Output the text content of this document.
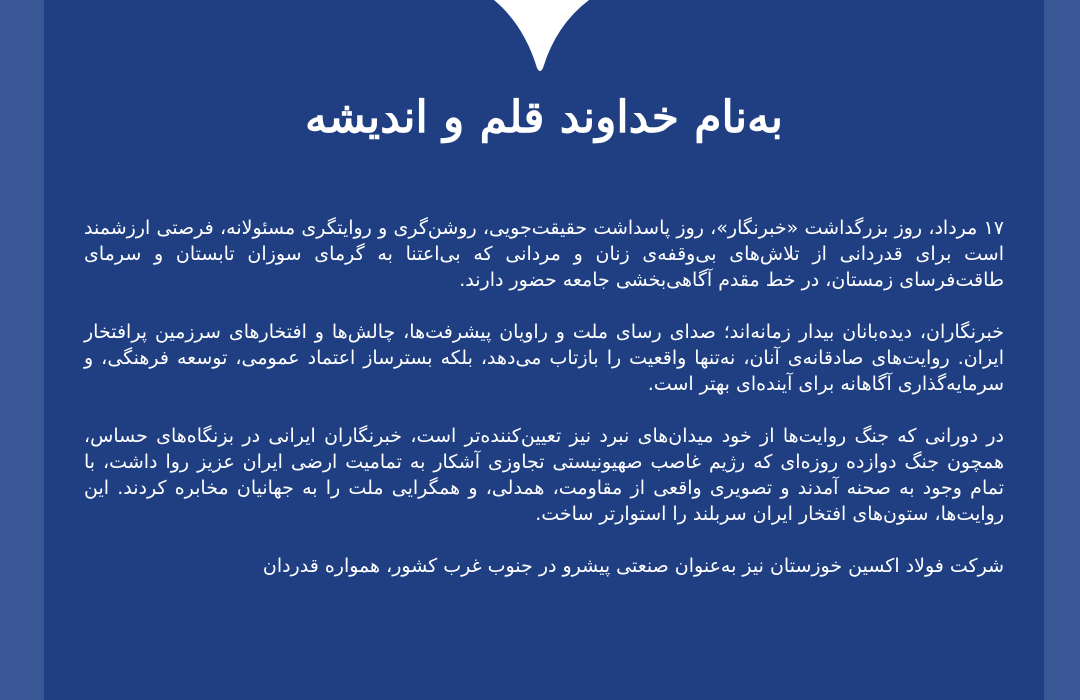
به‌نام خداوند قلم و اندیشه

۱۷ مرداد، روز بزرگداشت «خبرنگار»، روز پاسداشت حقیقت‌جویی، روشن‌گری و روایتگری مسئولانه، فرصتی ارزشمند است برای قدردانی از تلاش‌های بی‌وقفه‌ی زنان و مردانی که بی‌اعتنا به گرمای سوزان تابستان و سرمای طاقت‌فرسای زمستان، در خط مقدم آگاهی‌بخشی جامعه حضور دارند.

خبرنگاران، دیده‌بانان بیدار زمانه‌اند؛ صدای رسای ملت و راویان پیشرفت‌ها، چالش‌ها و افتخارهای سرزمین پرافتخار ایران. روایت‌های صادقانه‌ی آنان، نه‌تنها واقعیت را بازتاب می‌دهد، بلکه بسترساز اعتماد عمومی، توسعه فرهنگی، و سرمایه‌گذاری آگاهانه برای آینده‌ای بهتر است.

در دورانی که جنگ روایت‌ها از خود میدان‌های نبرد نیز تعیین‌کننده‌تر است، خبرنگاران ایرانی در بزنگاه‌های حساس، همچون جنگ دوازده روزه‌ای که رژیم غاصب صهیونیستی تجاوزی آشکار به تمامیت ارضی ایران عزیز روا داشت، با تمام وجود به صحنه آمدند و تصویری واقعی از مقاومت، همدلی، و همگرایی ملت را به جهانیان مخابره کردند. این روایت‌ها، ستون‌های افتخار ایران سربلند را استوارتر ساخت.

شرکت فولاد اکسین خوزستان نیز به‌عنوان صنعتی پیشرو در جنوب غرب کشور، همواره قدردان
